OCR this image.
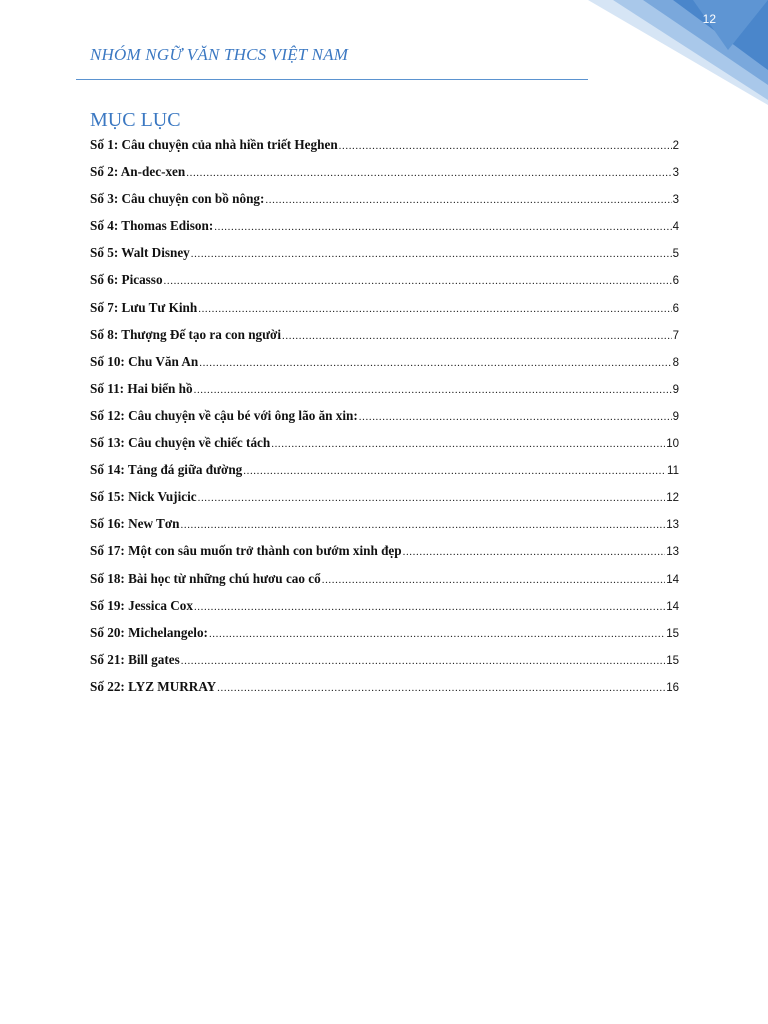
12
NHÓM NGỮ VĂN THCS VIỆT NAM
MỤC LỤC
Số 1: Câu chuyện của nhà hiền triết Heghen .....	2
Số 2: An-dec-xen .....	3
Số 3: Câu chuyện con bồ nông: .....	3
Số 4: Thomas Edison: .....	4
Số 5: Walt Disney .....	5
Số 6: Picasso .....	6
Số 7: Lưu Tư Kinh .....	6
Số 8: Thượng Đế tạo ra con người .....	7
Số 10: Chu Văn An .....	8
Số 11: Hai biển hồ .....	9
Số 12: Câu chuyện về cậu bé với ông lão ăn xin: .....	9
Số 13: Câu chuyện về chiếc tách .....	10
Số 14: Tảng đá giữa đường .....	11
Số 15: Nick Vujicic .....	12
Số 16: New Tơn .....	13
Số 17: Một con sâu muốn trở thành con bướm xinh đẹp .....	13
Số 18: Bài học từ những chú hươu cao cổ .....	14
Số 19: Jessica Cox .....	14
Số 20: Michelangelo: .....	15
Số 21: Bill gates .....	15
Số 22: LYZ MURRAY .....	16
